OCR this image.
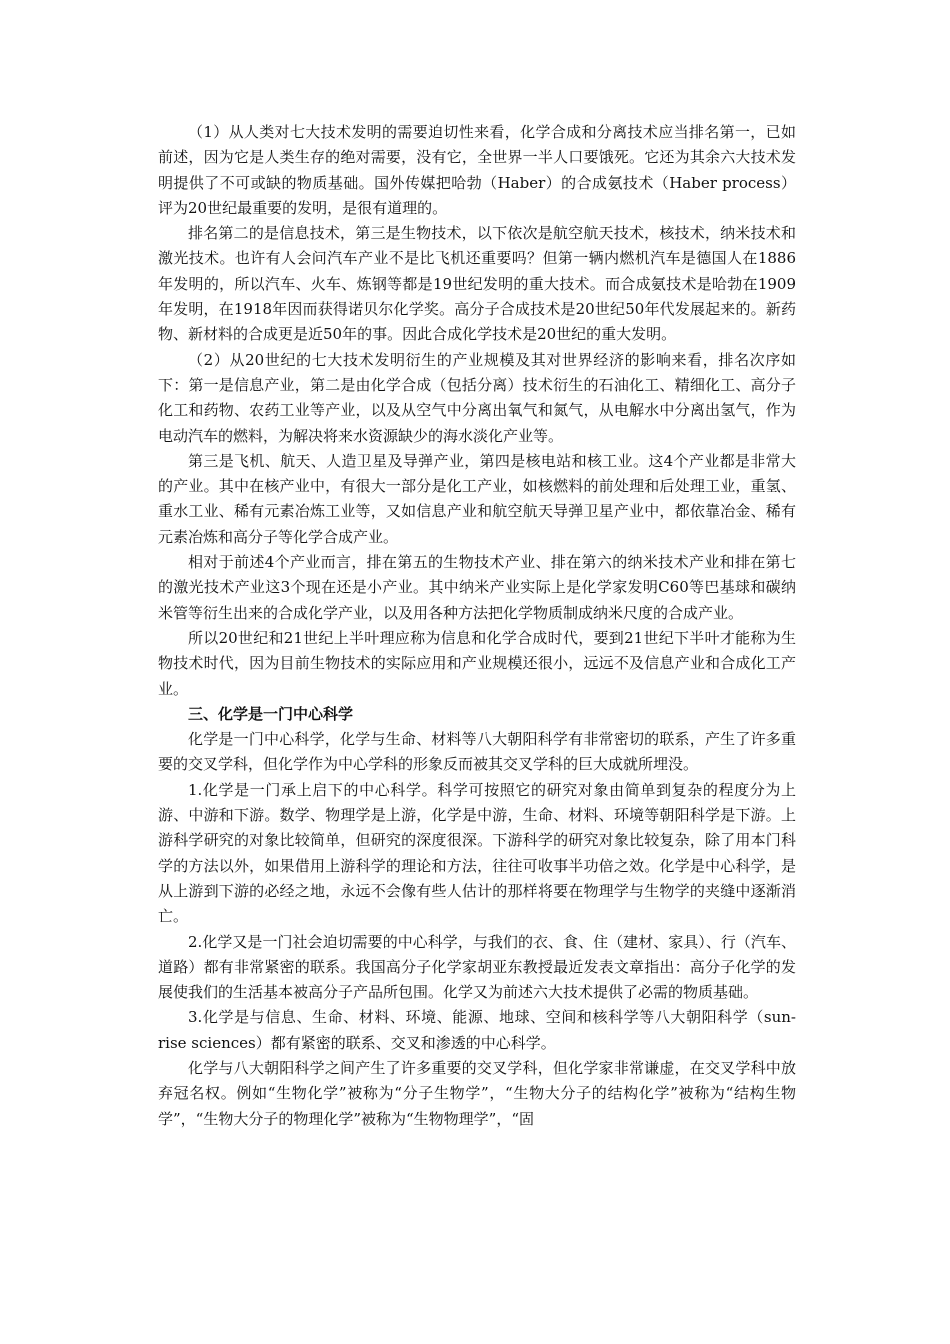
（1）从人类对七大技术发明的需要迫切性来看，化学合成和分离技术应当排名第一，已如前述，因为它是人类生存的绝对需要，没有它，全世界一半人口要饿死。它还为其余六大技术发明提供了不可或缺的物质基础。国外传媒把哈勃（Haber）的合成氨技术（Haber process）评为20世纪最重要的发明，是很有道理的。

排名第二的是信息技术，第三是生物技术，以下依次是航空航天技术，核技术，纳米技术和激光技术。也许有人会问汽车产业不是比飞机还重要吗？但第一辆内燃机汽车是德国人在1886年发明的，所以汽车、火车、炼钢等都是19世纪发明的重大技术。而合成氨技术是哈勃在1909年发明，在1918年因而获得诺贝尔化学奖。高分子合成技术是20世纪50年代发展起来的。新药物、新材料的合成更是近50年的事。因此合成化学技术是20世纪的重大发明。

（2）从20世纪的七大技术发明衍生的产业规模及其对世界经济的影响来看，排名次序如下：第一是信息产业，第二是由化学合成（包括分离）技术衍生的石油化工、精细化工、高分子化工和药物、农药工业等产业，以及从空气中分离出氧气和氮气，从电解水中分离出氢气，作为电动汽车的燃料，为解决将来水资源缺少的海水淡化产业等。

第三是飞机、航天、人造卫星及导弹产业，第四是核电站和核工业。这4个产业都是非常大的产业。其中在核产业中，有很大一部分是化工产业，如核燃料的前处理和后处理工业，重氢、重水工业、稀有元素冶炼工业等，又如信息产业和航空航天导弹卫星产业中，都依靠冶金、稀有元素冶炼和高分子等化学合成产业。

相对于前述4个产业而言，排在第五的生物技术产业、排在第六的纳米技术产业和排在第七的激光技术产业这3个现在还是小产业。其中纳米产业实际上是化学家发明C60等巴基球和碳纳米管等衍生出来的合成化学产业，以及用各种方法把化学物质制成纳米尺度的合成产业。

所以20世纪和21世纪上半叶理应称为信息和化学合成时代，要到21世纪下半叶才能称为生物技术时代，因为目前生物技术的实际应用和产业规模还很小，远远不及信息产业和合成化工产业。

三、化学是一门中心科学

化学是一门中心科学，化学与生命、材料等八大朝阳科学有非常密切的联系，产生了许多重要的交叉学科，但化学作为中心学科的形象反而被其交叉学科的巨大成就所埋没。

1.化学是一门承上启下的中心科学。科学可按照它的研究对象由简单到复杂的程度分为上游、中游和下游。数学、物理学是上游，化学是中游，生命、材料、环境等朝阳科学是下游。上游科学研究的对象比较简单，但研究的深度很深。下游科学的研究对象比较复杂，除了用本门科学的方法以外，如果借用上游科学的理论和方法，往往可收事半功倍之效。化学是中心科学，是从上游到下游的必经之地，永远不会像有些人估计的那样将要在物理学与生物学的夹缝中逐渐消亡。

2.化学又是一门社会迫切需要的中心科学，与我们的衣、食、住（建材、家具）、行（汽车、道路）都有非常紧密的联系。我国高分子化学家胡亚东教授最近发表文章指出：高分子化学的发展使我们的生活基本被高分子产品所包围。化学又为前述六大技术提供了必需的物质基础。

3.化学是与信息、生命、材料、环境、能源、地球、空间和核科学等八大朝阳科学（sun-rise sciences）都有紧密的联系、交叉和渗透的中心科学。

化学与八大朝阳科学之间产生了许多重要的交叉学科，但化学家非常谦虚，在交叉学科中放弃冠名权。例如“生物化学”被称为“分子生物学”，“生物大分子的结构化学”被称为“结构生物学”，“生物大分子的物理化学”被称为“生物物理学”，“固
